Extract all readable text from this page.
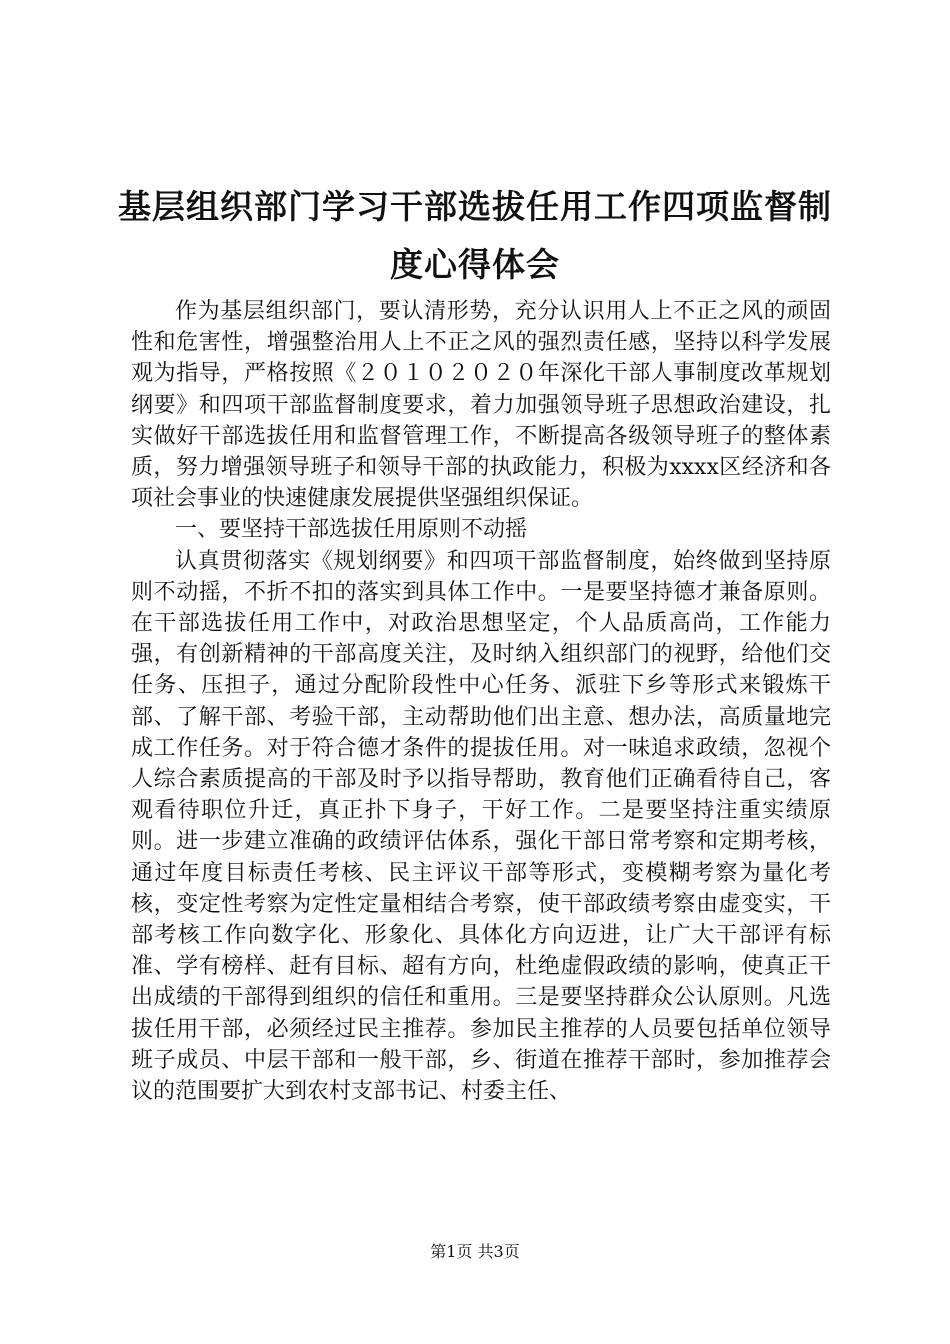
基层组织部门学习干部选拔任用工作四项监督制度心得体会

作为基层组织部门，要认清形势，充分认识用人上不正之风的顽固性和危害性，增强整治用人上不正之风的强烈责任感，坚持以科学发展观为指导，严格按照《２０１０２０２０年深化干部人事制度改革规划纲要》和四项干部监督制度要求，着力加强领导班子思想政治建设，扎实做好干部选拔任用和监督管理工作，不断提高各级领导班子的整体素质，努力增强领导班子和领导干部的执政能力，积极为xxxx区经济和各项社会事业的快速健康发展提供坚强组织保证。

一、要坚持干部选拔任用原则不动摇

认真贯彻落实《规划纲要》和四项干部监督制度，始终做到坚持原则不动摇，不折不扣的落实到具体工作中。一是要坚持德才兼备原则。在干部选拔任用工作中，对政治思想坚定，个人品质高尚，工作能力强，有创新精神的干部高度关注，及时纳入组织部门的视野，给他们交任务、压担子，通过分配阶段性中心任务、派驻下乡等形式来锻炼干部、了解干部、考验干部，主动帮助他们出主意、想办法，高质量地完成工作任务。对于符合德才条件的提拔任用。对一味追求政绩，忽视个人综合素质提高的干部及时予以指导帮助，教育他们正确看待自己，客观看待职位升迁，真正扑下身子，干好工作。二是要坚持注重实绩原则。进一步建立准确的政绩评估体系，强化干部日常考察和定期考核，通过年度目标责任考核、民主评议干部等形式，变模糊考察为量化考核，变定性考察为定性定量相结合考察，使干部政绩考察由虚变实，干部考核工作向数字化、形象化、具体化方向迈进，让广大干部评有标准、学有榜样、赶有目标、超有方向，杜绝虚假政绩的影响，使真正干出成绩的干部得到组织的信任和重用。三是要坚持群众公认原则。凡选拔任用干部，必须经过民主推荐。参加民主推荐的人员要包括单位领导班子成员、中层干部和一般干部，乡、街道在推荐干部时，参加推荐会议的范围要扩大到农村支部书记、村委主任、

第1页 共3页
